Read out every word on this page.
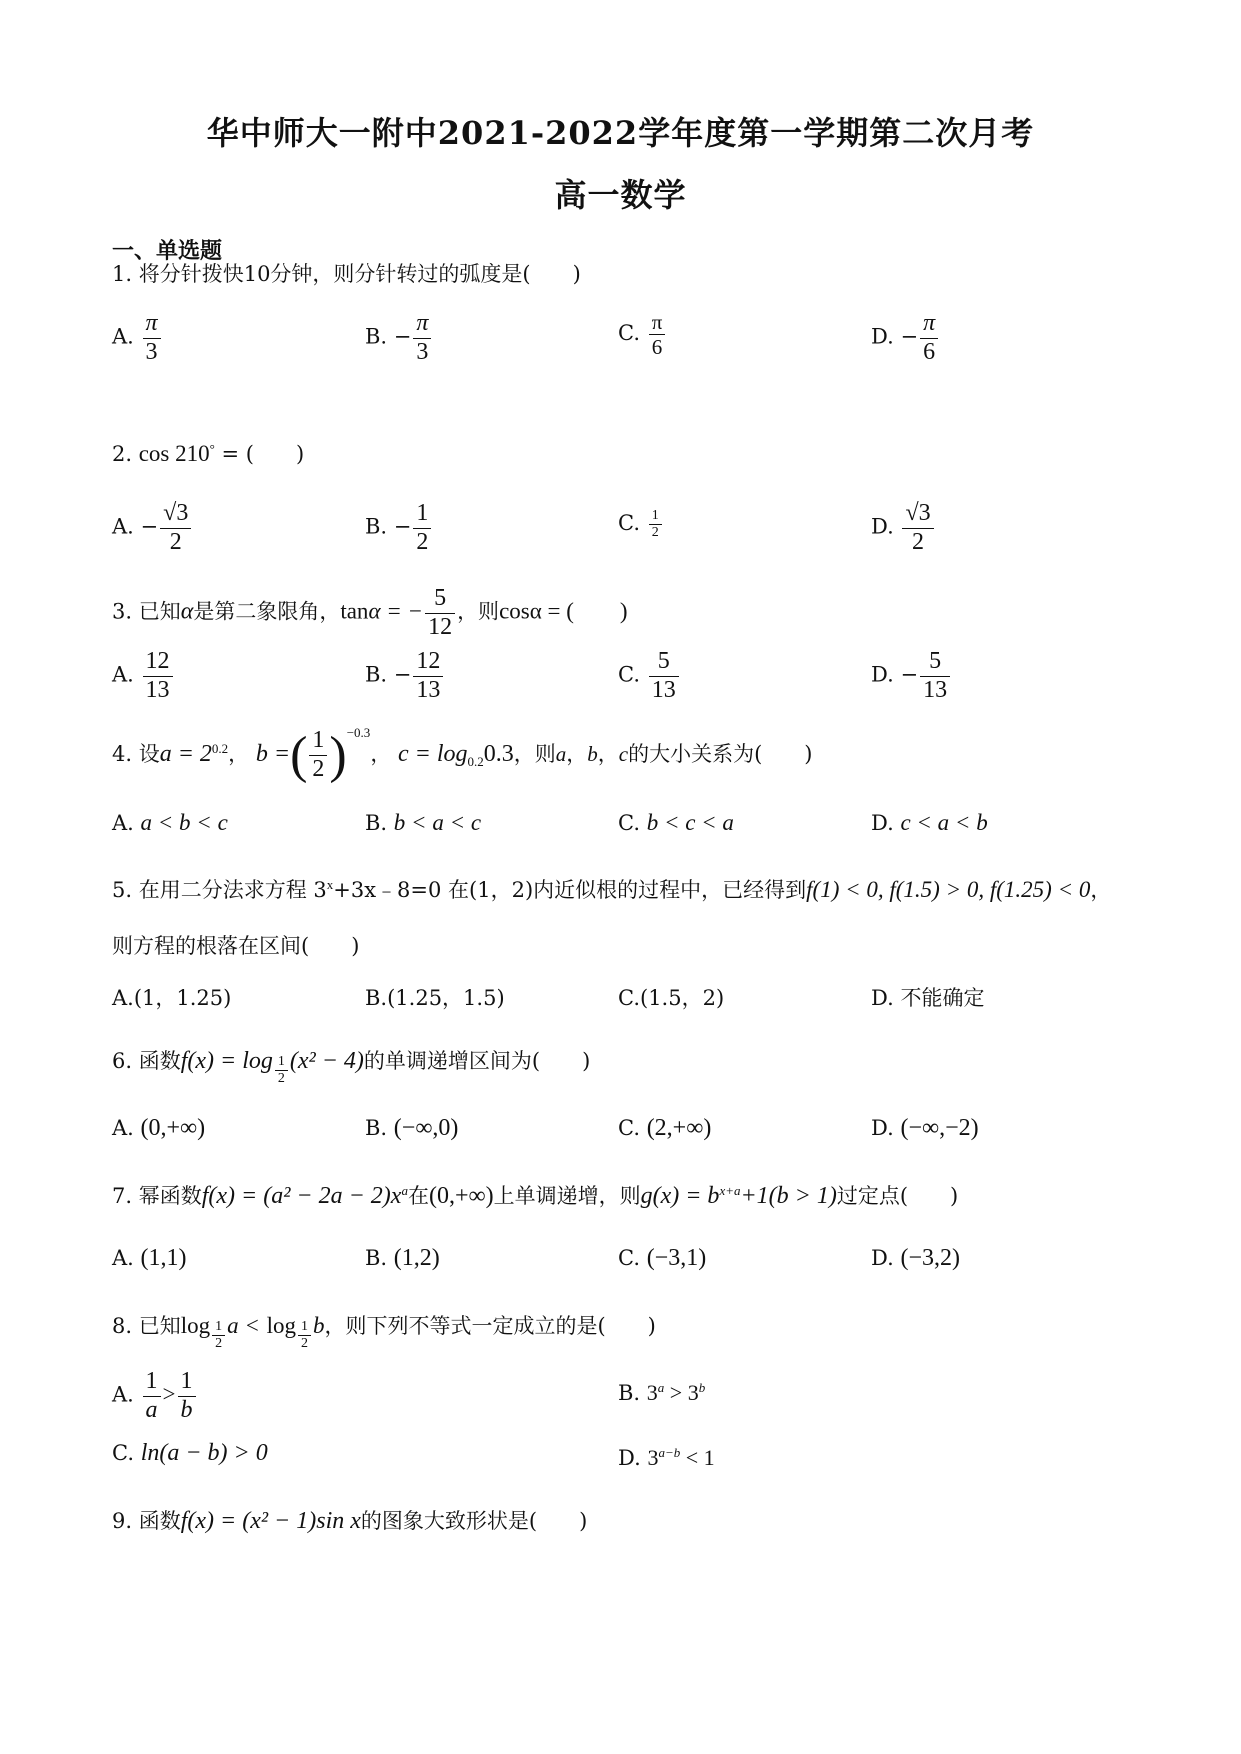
华中师大一附中2021-2022学年度第一学期第二次月考
高一数学
一、单选题
1. 将分针拨快10分钟，则分针转过的弧度是(　　)
A. $\frac{\pi}{3}$	B. − $\frac{\pi}{3}$	C. $\frac{\pi}{6}$	D. − $\frac{\pi}{6}$
2. cos 210° = (　　)
A. − $\frac{√3}{2}$	B. − $\frac{1}{2}$	C. $\frac{1}{2}$	D. $\frac{√3}{2}$
3. 已知α是第二象限角，tanα = − $\frac{5}{12}$ ，则cosα = (　　)
A. $\frac{12}{13}$	B. − $\frac{12}{13}$	C. $\frac{5}{13}$	D. − $\frac{5}{13}$
4. 设$a = 2^{0.2}$， b =( $\frac{1}{2} )^{-0.3}$， $c = \log_{0.2}0.3$，则a，b，c的大小关系为(　　)
A. a < b < c	B. b < a < c	C. b < c < a	D. c < a < b
5. 在用二分法求方程 $3^x+3x﹣8=0$ 在(1，2)内近似根的过程中，已经得到f(1) < 0, f(1.5) > 0, f(1.25) < 0，
则方程的根落在区间(　　)
A.(1，1.25)	B.(1.25，1.5)	C.(1.5，2)	D. 不能确定
6. 函数$f(x) = \log \frac{1}{2} (x^2 - 4)$的单调递增区间为(　　)
A. (0,+∞)	B. (−∞,0)	C. (2,+∞)	D. (−∞,−2)
7. 幂函数$f(x) = (a^2 - 2a - 2)x^a$在(0,+∞)上单调递增，则$g(x) = b^{x+a}+1(b > 1)$过定点(　　)
A. (1,1)	B. (1,2)	C. (−3,1)	D. (−3,2)
8. 已知$\log \frac{1}{2}$ $a < \log \frac{1}{2}$ b，则下列不等式一定成立的是(　　)
A. $\frac{1}{a} > \frac{1}{b}$	B. $3^a > 3^b$
C. ln(a − b) > 0	D. $3^{a-b} < 1$
9. 函数f(x) = (x² − 1)sin x的图象大致形状是(　　)
